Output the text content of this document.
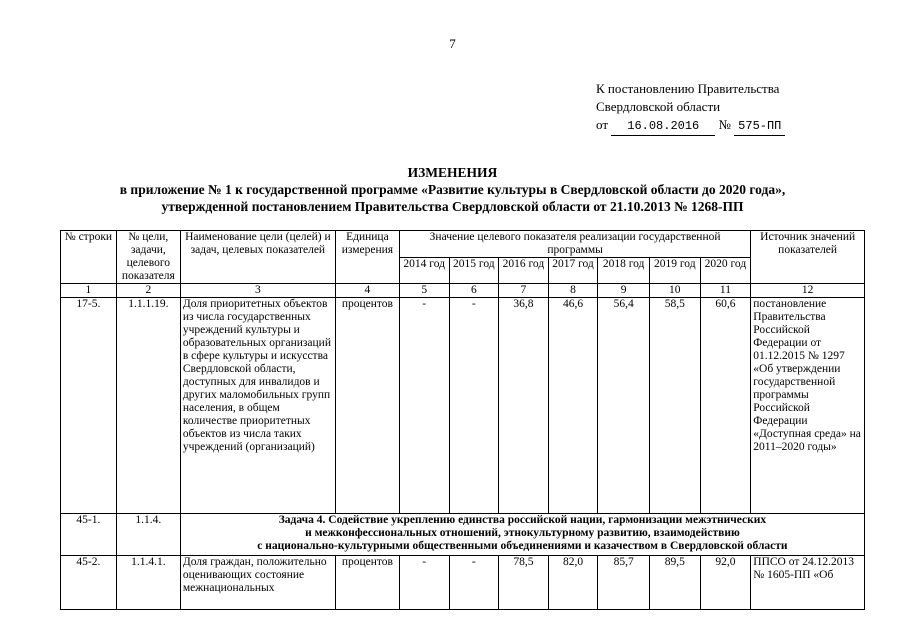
7
К постановлению Правительства
Свердловской области
от 16.08.2016 № 575-ПП
ИЗМЕНЕНИЯ
в приложение № 1 к государственной программе «Развитие культуры в Свердловской области до 2020 года»,
утвержденной постановлением Правительства Свердловской области от 21.10.2013 № 1268-ПП
№ строки	№ цели, задачи, целевого показателя	Наименование цели (целей) и задач, целевых показателей	Единица измерения	Значение целевого показателя реализации государственной программы							Источник значений показателей
				2014 год	2015 год	2016 год	2017 год	2018 год	2019 год	2020 год	
1	2	3	4	5	6	7	8	9	10	11	12
17-5.	1.1.1.19.	Доля приоритетных объектов из числа государственных учреждений культуры и образовательных организаций в сфере культуры и искусства Свердловской области, доступных для инвалидов и других маломобильных групп населения, в общем количестве приоритетных объектов из числа таких учреждений (организаций)	процентов	-	-	36,8	46,6	56,4	58,5	60,6	постановление Правительства Российской Федерации от 01.12.2015 № 1297 «Об утверждении государственной программы Российской Федерации «Доступная среда» на 2011–2020 годы»
45-1.	1.1.4.	Задача 4. Содействие укреплению единства российской нации, гармонизации межэтнических
и межконфессиональных отношений, этнокультурному развитию, взаимодействию
с национально-культурными общественными объединениями и казачеством в Свердловской области									

45-2.	1.1.4.1.	Доля граждан, положительно оценивающих состояние межнациональных	процентов	-	-	78,5	82,0	85,7	89,5	92,0	ППСО от 24.12.2013 № 1605-ПП «Об
